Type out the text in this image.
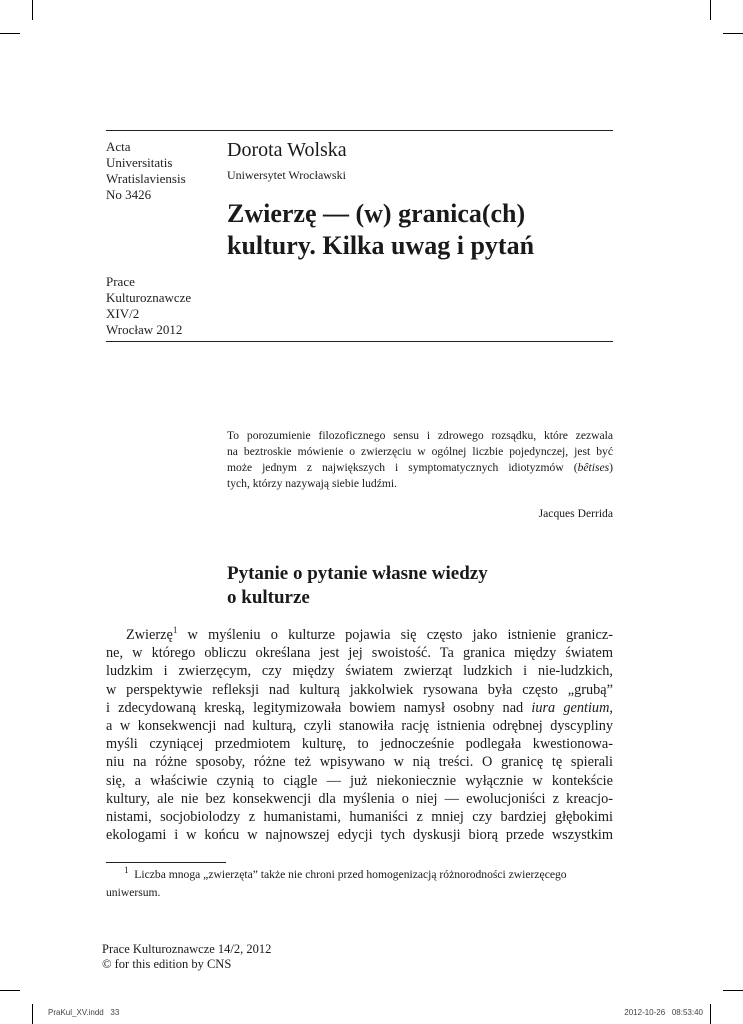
Acta
Universitatis
Wratislaviensis
No 3426
Prace
Kulturoznawcze
XIV/2
Wrocław 2012
Dorota Wolska
Uniwersytet Wrocławski
Zwierzę — (w) granica(ch)
kultury. Kilka uwag i pytań
To porozumienie filozoficznego sensu i zdrowego rozsądku, które zezwala
na beztroskie mówienie o zwierzęciu w ogólnej liczbie pojedynczej, jest być
może jednym z największych i symptomatycznych idiotyzmów (bêtises)
tych, którzy nazywają siebie ludźmi.
Jacques Derrida
Pytanie o pytanie własne wiedzy
o kulturze
Zwierzę$^1$ w myśleniu o kulturze pojawia się często jako istnienie granicz-
ne, w którego obliczu określana jest jej swoistość. Ta granica między światem
ludzkim i zwierzęcym, czy między światem zwierząt ludzkich i nie-ludzkich,
w perspektywie refleksji nad kulturą jakkolwiek rysowana była często „grubą”
i zdecydowaną kreską, legitymizowała bowiem namysł osobny nad iura gentium,
a w konsekwencji nad kulturą, czyli stanowiła rację istnienia odrębnej dyscypliny
myśli czyniącej przedmiotem kulturę, to jednocześnie podlegała kwestionowa-
niu na różne sposoby, różne też wpisywano w nią treści. O granicę tę spierali
się, a właściwie czynią to ciągle — już niekoniecznie wyłącznie w kontekście
kultury, ale nie bez konsekwencji dla myślenia o niej — ewolucjoniści z kreacjo-
nistami, socjobiolodzy z humanistami, humaniści z mniej czy bardziej głębokimi
ekologami i w końcu w najnowszej edycji tych dyskusji biorą przede wszystkim
$^1$ Liczba mnoga „zwierzęta” także nie chroni przed homogenizacją różnorodności zwierzęcego
uniwersum.
Prace Kulturoznawcze 14/2, 2012
© for this edition by CNS
PraKul_XV.indd   33	2012-10-26   08:53:40
